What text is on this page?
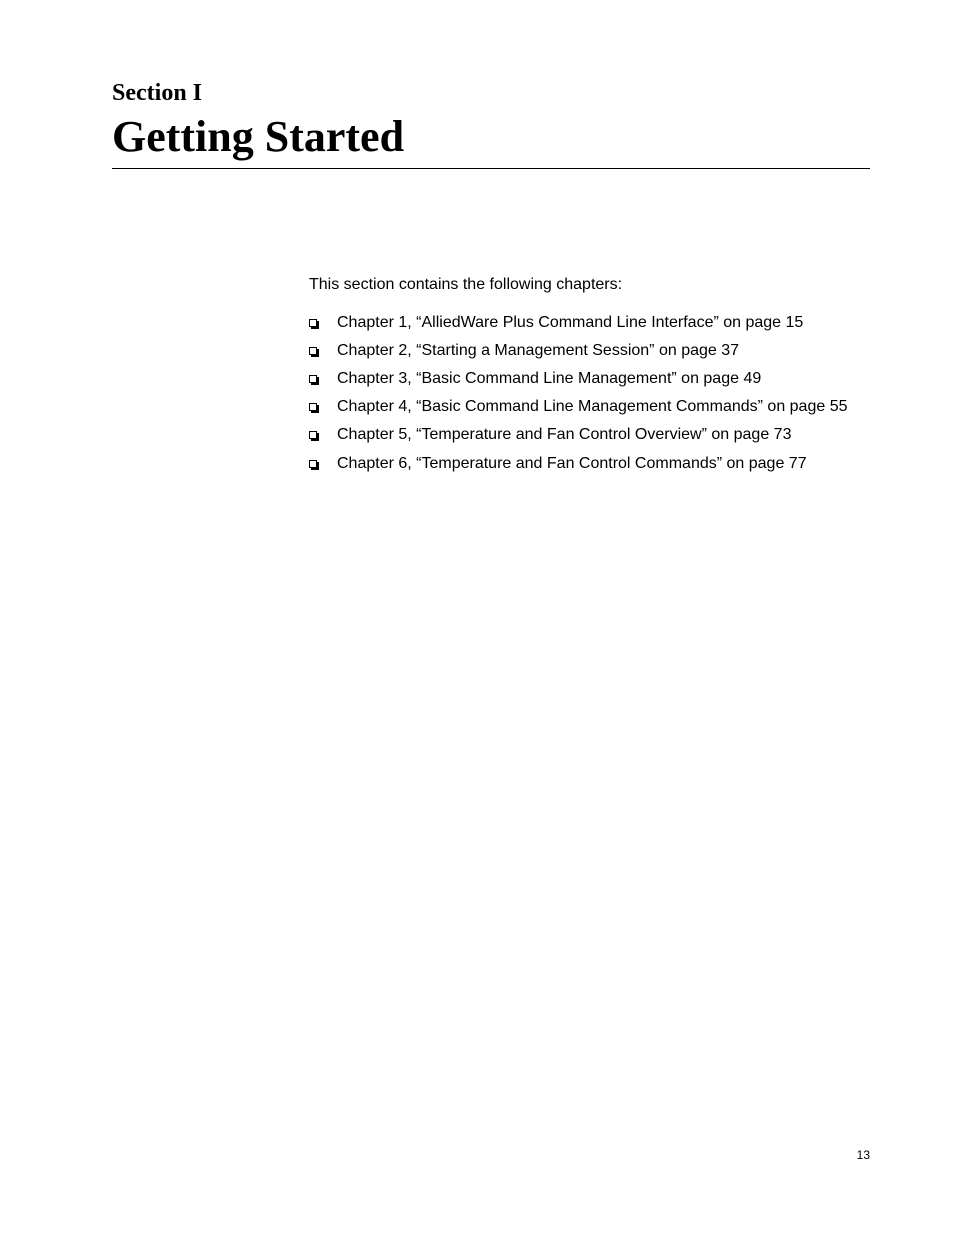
Section I
Getting Started

This section contains the following chapters:

Chapter 1, “AlliedWare Plus Command Line Interface” on page 15
Chapter 2, “Starting a Management Session” on page 37
Chapter 3, “Basic Command Line Management” on page 49
Chapter 4, “Basic Command Line Management Commands” on page 55
Chapter 5, “Temperature and Fan Control Overview” on page 73
Chapter 6, “Temperature and Fan Control Commands” on page 77

13
